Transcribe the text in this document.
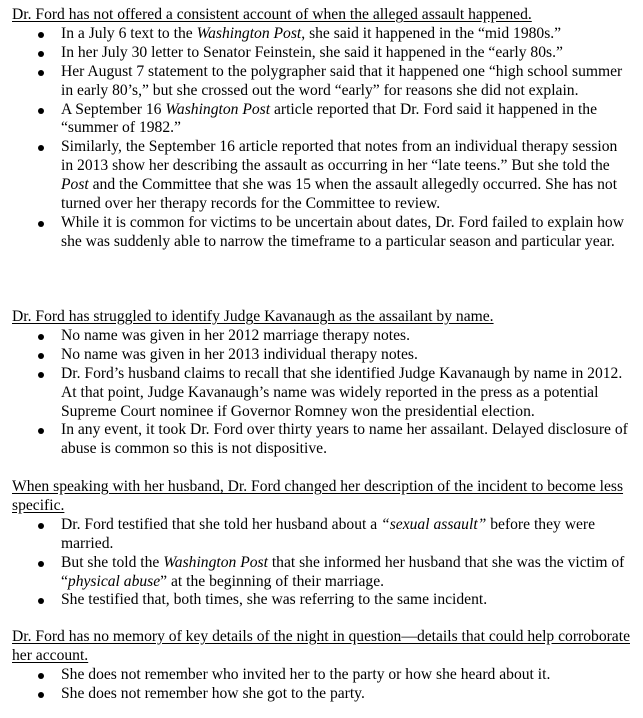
Dr. Ford has not offered a consistent account of when the alleged assault happened.
In a July 6 text to the Washington Post, she said it happened in the “mid 1980s.”
In her July 30 letter to Senator Feinstein, she said it happened in the “early 80s.”
Her August 7 statement to the polygrapher said that it happened one “high school summer in early 80’s,” but she crossed out the word “early” for reasons she did not explain.
A September 16 Washington Post article reported that Dr. Ford said it happened in the “summer of 1982.”
Similarly, the September 16 article reported that notes from an individual therapy session in 2013 show her describing the assault as occurring in her “late teens.” But she told the Post and the Committee that she was 15 when the assault allegedly occurred. She has not turned over her therapy records for the Committee to review.
While it is common for victims to be uncertain about dates, Dr. Ford failed to explain how she was suddenly able to narrow the timeframe to a particular season and particular year.
Dr. Ford has struggled to identify Judge Kavanaugh as the assailant by name.
No name was given in her 2012 marriage therapy notes.
No name was given in her 2013 individual therapy notes.
Dr. Ford’s husband claims to recall that she identified Judge Kavanaugh by name in 2012. At that point, Judge Kavanaugh’s name was widely reported in the press as a potential Supreme Court nominee if Governor Romney won the presidential election.
In any event, it took Dr. Ford over thirty years to name her assailant. Delayed disclosure of abuse is common so this is not dispositive.
When speaking with her husband, Dr. Ford changed her description of the incident to become less specific.
Dr. Ford testified that she told her husband about a “sexual assault” before they were married.
But she told the Washington Post that she informed her husband that she was the victim of “physical abuse” at the beginning of their marriage.
She testified that, both times, she was referring to the same incident.
Dr. Ford has no memory of key details of the night in question—details that could help corroborate her account.
She does not remember who invited her to the party or how she heard about it.
She does not remember how she got to the party.
